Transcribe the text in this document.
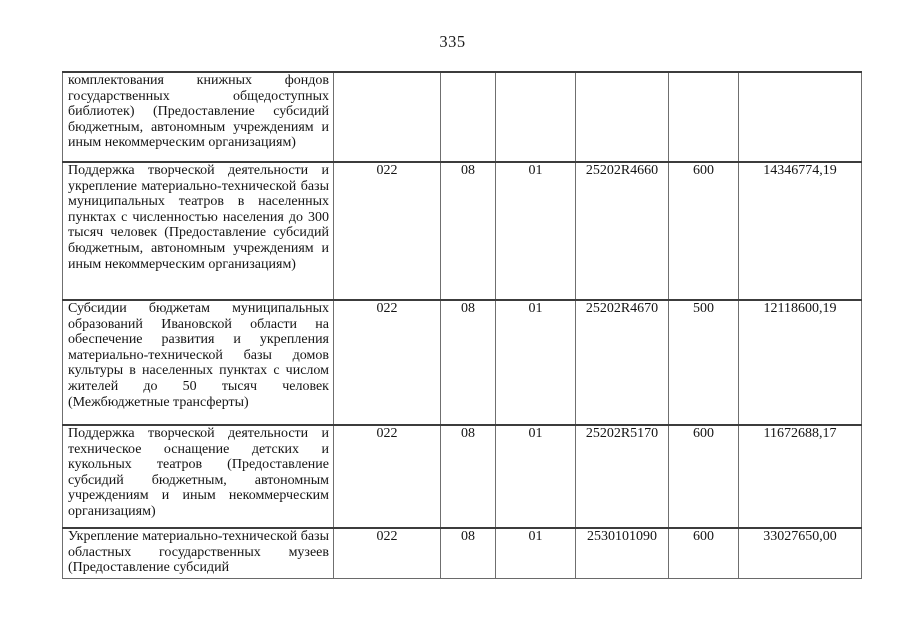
335
комплектования книжных фондов государственных общедоступных библиотек) (Предоставление субсидий бюджетным, автономным учреждениям и иным некоммерческим организациям)						
Поддержка творческой деятельности и укрепление материально-технической базы муниципальных театров в населенных пунктах с численностью населения до 300 тысяч человек (Предоставление субсидий бюджетным, автономным учреждениям и иным некоммерческим организациям)	022	08	01	25202R4660	600	14346774,19
Субсидии бюджетам муниципальных образований Ивановской области на обеспечение развития и укрепления материально-технической базы домов культуры в населенных пунктах с числом жителей до 50 тысяч человек (Межбюджетные трансферты)	022	08	01	25202R4670	500	12118600,19
Поддержка творческой деятельности и техническое оснащение детских и кукольных театров (Предоставление субсидий бюджетным, автономным учреждениям и иным некоммерческим организациям)	022	08	01	25202R5170	600	11672688,17
Укрепление материально-технической базы областных государственных музеев (Предоставление субсидий	022	08	01	2530101090	600	33027650,00
